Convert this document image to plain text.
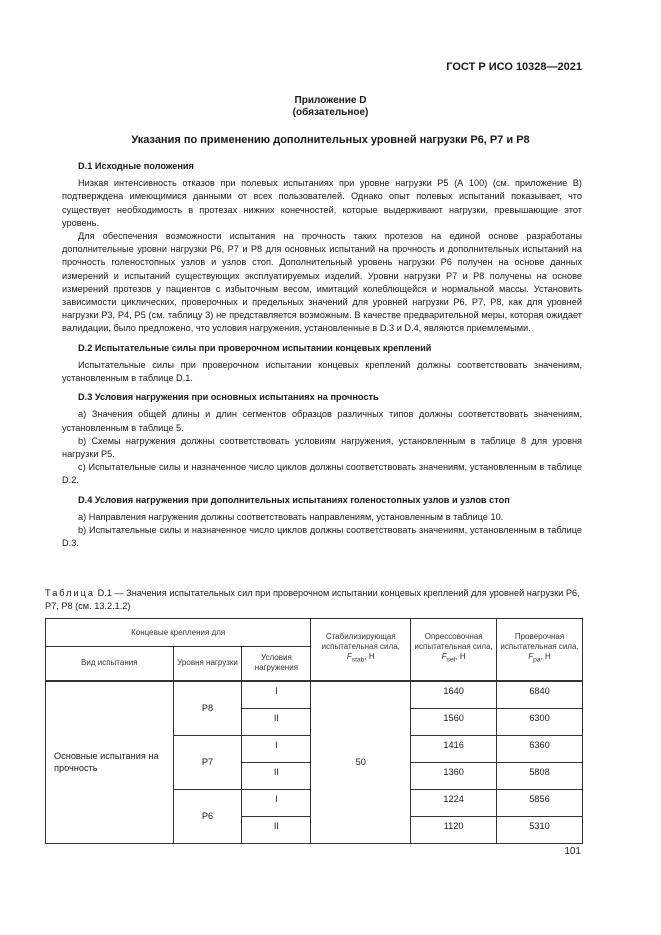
ГОСТ Р ИСО 10328—2021
Приложение D
(обязательное)
Указания по применению дополнительных уровней нагрузки Р6, Р7 и Р8
D.1 Исходные положения

Низкая интенсивность отказов при полевых испытаниях при уровне нагрузки Р5 (А 100) (см. приложение В) подтверждена имеющимися данными от всех пользователей. Однако опыт полевых испытаний показывает, что существует необходимость в протезах нижних конечностей, которые выдерживают нагрузки, превышающие этот уровень.

Для обеспечения возможности испытания на прочность таких протезов на единой основе разработаны дополнительные уровни нагрузки Р6, Р7 и Р8 для основных испытаний на прочность и дополнительных испытаний на прочность голеностопных узлов и узлов стоп. Дополнительный уровень нагрузки Р6 получен на основе данных измерений и испытаний существующих эксплуатируемых изделий. Уровни нагрузки Р7 и Р8 получены на основе измерений протезов у пациентов с избыточным весом, имитаций колеблющейся и нормальной массы. Установить зависимости циклических, проверочных и предельных значений для уровней нагрузки Р6, Р7, Р8, как для уровней нагрузки Р3, Р4, Р5 (см. таблицу 3) не представляется возможным. В качестве предварительной меры, которая ожидает валидации, было предложено, что условия нагружения, установленные в D.3 и D.4, являются приемлемыми.

D.2 Испытательные силы при проверочном испытании концевых креплений

Испытательные силы при проверочном испытании концевых креплений должны соответствовать значениям, установленным в таблице D.1.

D.3 Условия нагружения при основных испытаниях на прочность

a) Значения общей длины и длин сегментов образцов различных типов должны соответствовать значениям, установленным в таблице 5.

b) Схемы нагружения должны соответствовать условиям нагружения, установленным в таблице 8 для уровня нагрузки Р5.

c) Испытательные силы и назначенное число циклов должны соответствовать значениям, установленным в таблице D.2.

D.4 Условия нагружения при дополнительных испытаниях голеностопных узлов и узлов стоп

a) Направления нагружения должны соответствовать направлениям, установленным в таблице 10.

b) Испытательные силы и назначенное число циклов должны соответствовать значениям, установленным в таблице D.3.

Таблица D.1 — Значения испытательных сил при проверочном испытании концевых креплений для уровней нагрузки Р6, Р7, Р8 (см. 13.2.1.2)
Концевые крепления для			Стабилизирующая испытательная сила, $F_{stab}$, Н	Опрессовочная испытательная сила, $F_{set}$, Н	Проверочная испытательная сила, $F_{pa}$, Н
Вид испытания	Уровня нагрузки	Условия нагружения			
Основные испытания на прочность	Р8	I	50	1640	6840
		II		1560	6300
	Р7	I		1416	6360
		II		1360	5808
	Р6	I		1224	5856
		II		1120	5310
101
